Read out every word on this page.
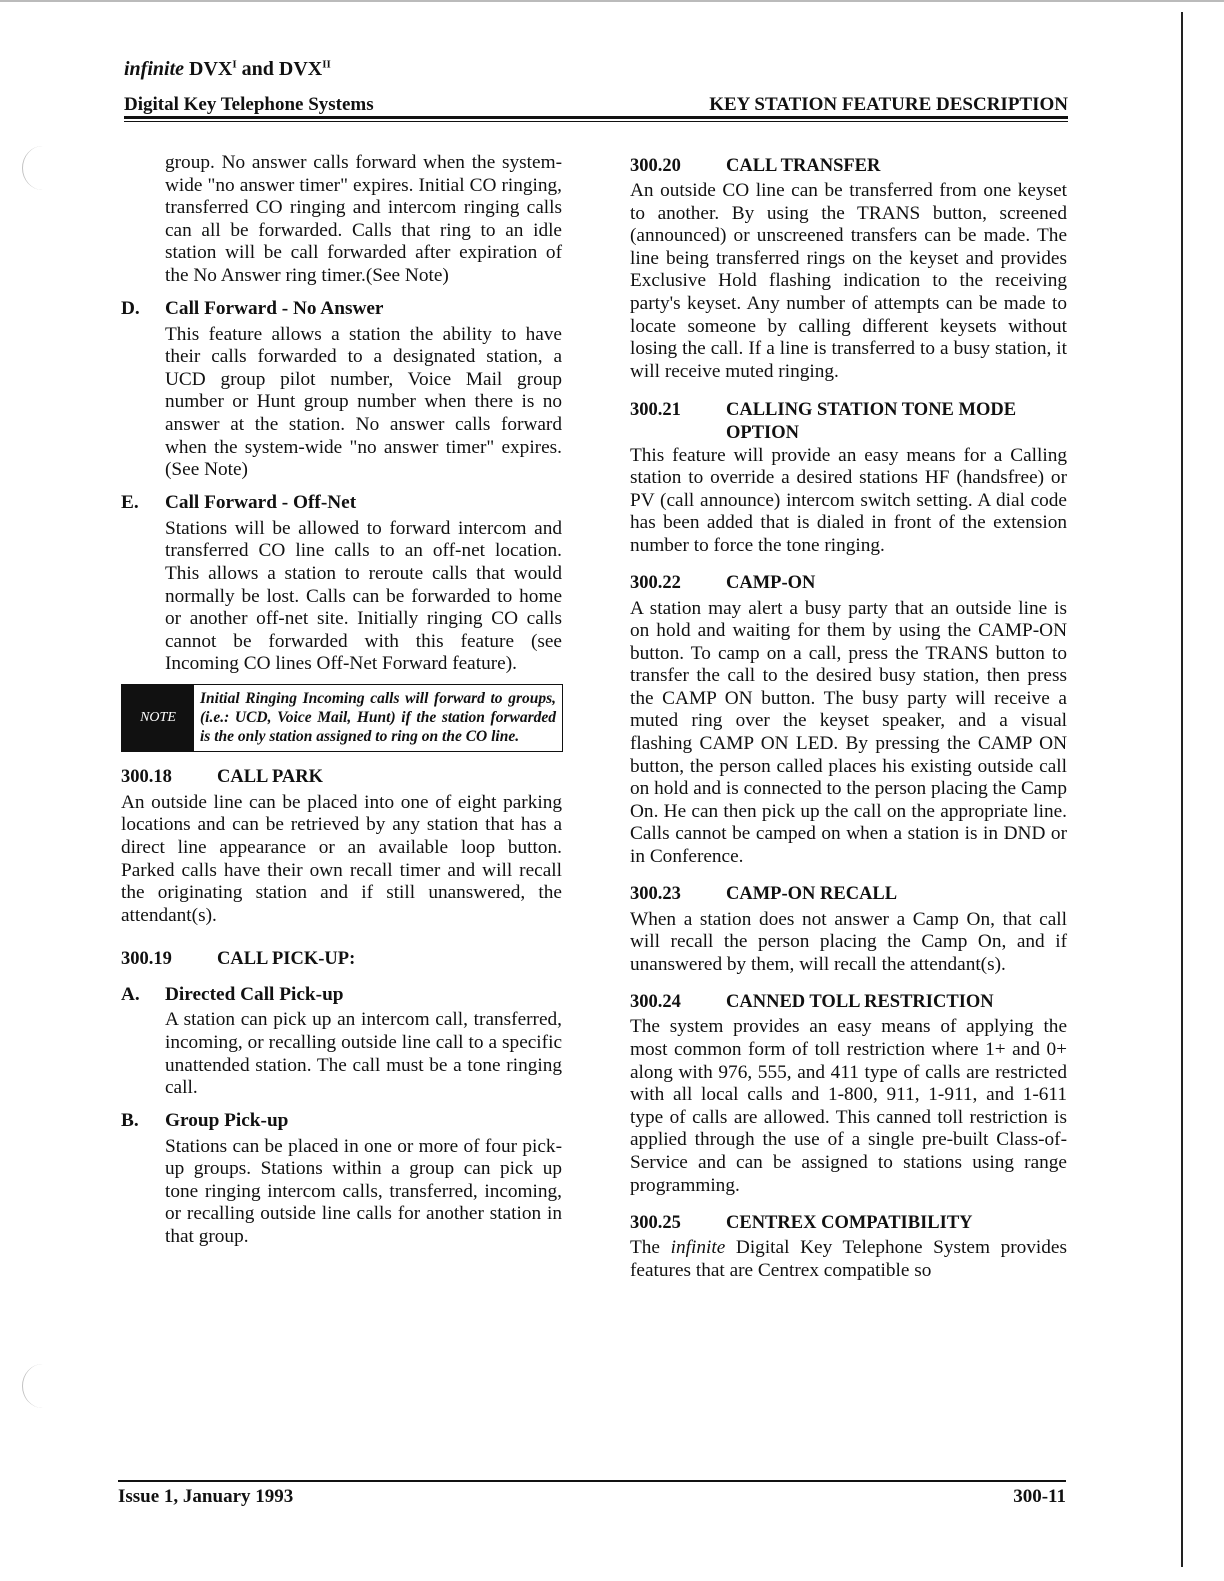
infinite $DVX^I$ and $DVX^{II}$
Digital Key Telephone Systems	KEY STATION FEATURE DESCRIPTION

group. No answer calls forward when the system-wide "no answer timer" expires. Initial CO ringing, transferred CO ringing and intercom ringing calls can all be forwarded. Calls that ring to an idle station will be call forwarded after expiration of the No Answer ring timer.(See Note)

D.	Call Forward - No Answer

This feature allows a station the ability to have their calls forwarded to a designated station, a UCD group pilot number, Voice Mail group number or Hunt group number when there is no answer at the station. No answer calls forward when the system-wide "no answer timer" expires. (See Note)

E.	Call Forward - Off-Net

Stations will be allowed to forward intercom and transferred CO line calls to an off-net location. This allows a station to reroute calls that would normally be lost. Calls can be forwarded to home or another off-net site. Initially ringing CO calls cannot be forwarded with this feature (see Incoming CO lines Off-Net Forward feature).

NOTE
Initial Ringing Incoming calls will forward to groups, (i.e.: UCD, Voice Mail, Hunt) if the station forwarded is the only station assigned to ring on the CO line.
300.18	CALL PARK

An outside line can be placed into one of eight parking locations and can be retrieved by any station that has a direct line appearance or an available loop button. Parked calls have their own recall timer and will recall the originating station and if still unanswered, the attendant(s).

300.19	CALL PICK-UP:
A.	Directed Call Pick-up

A station can pick up an intercom call, transferred, incoming, or recalling outside line call to a specific unattended station. The call must be a tone ringing call.

B.	Group Pick-up

Stations can be placed in one or more of four pick-up groups. Stations within a group can pick up tone ringing intercom calls, transferred, incoming, or recalling outside line calls for another station in that group.

300.20	CALL TRANSFER

An outside CO line can be transferred from one keyset to another. By using the TRANS button, screened (announced) or unscreened transfers can be made. The line being transferred rings on the keyset and provides Exclusive Hold flashing indication to the receiving party's keyset. Any number of attempts can be made to locate someone by calling different keysets without losing the call. If a line is transferred to a busy station, it will receive muted ringing.

300.21	CALLING STATION TONE MODE OPTION

This feature will provide an easy means for a Calling station to override a desired stations HF (handsfree) or PV (call announce) intercom switch setting. A dial code has been added that is dialed in front of the extension number to force the tone ringing.

300.22	CAMP-ON

A station may alert a busy party that an outside line is on hold and waiting for them by using the CAMP-ON button. To camp on a call, press the TRANS button to transfer the call to the desired busy station, then press the CAMP ON button. The busy party will receive a muted ring over the keyset speaker, and a visual flashing CAMP ON LED. By pressing the CAMP ON button, the person called places his existing outside call on hold and is connected to the person placing the Camp On. He can then pick up the call on the appropriate line. Calls cannot be camped on when a station is in DND or in Conference.

300.23	CAMP-ON RECALL

When a station does not answer a Camp On, that call will recall the person placing the Camp On, and if unanswered by them, will recall the attendant(s).

300.24	CANNED TOLL RESTRICTION

The system provides an easy means of applying the most common form of toll restriction where 1+ and 0+ along with 976, 555, and 411 type of calls are restricted with all local calls and 1-800, 911, 1-911, and 1-611 type of calls are allowed. This canned toll restriction is applied through the use of a single pre-built Class-of-Service and can be assigned to stations using range programming.

300.25	CENTREX COMPATIBILITY

The infinite Digital Key Telephone System provides features that are Centrex compatible so

Issue 1, January 1993	300-11
